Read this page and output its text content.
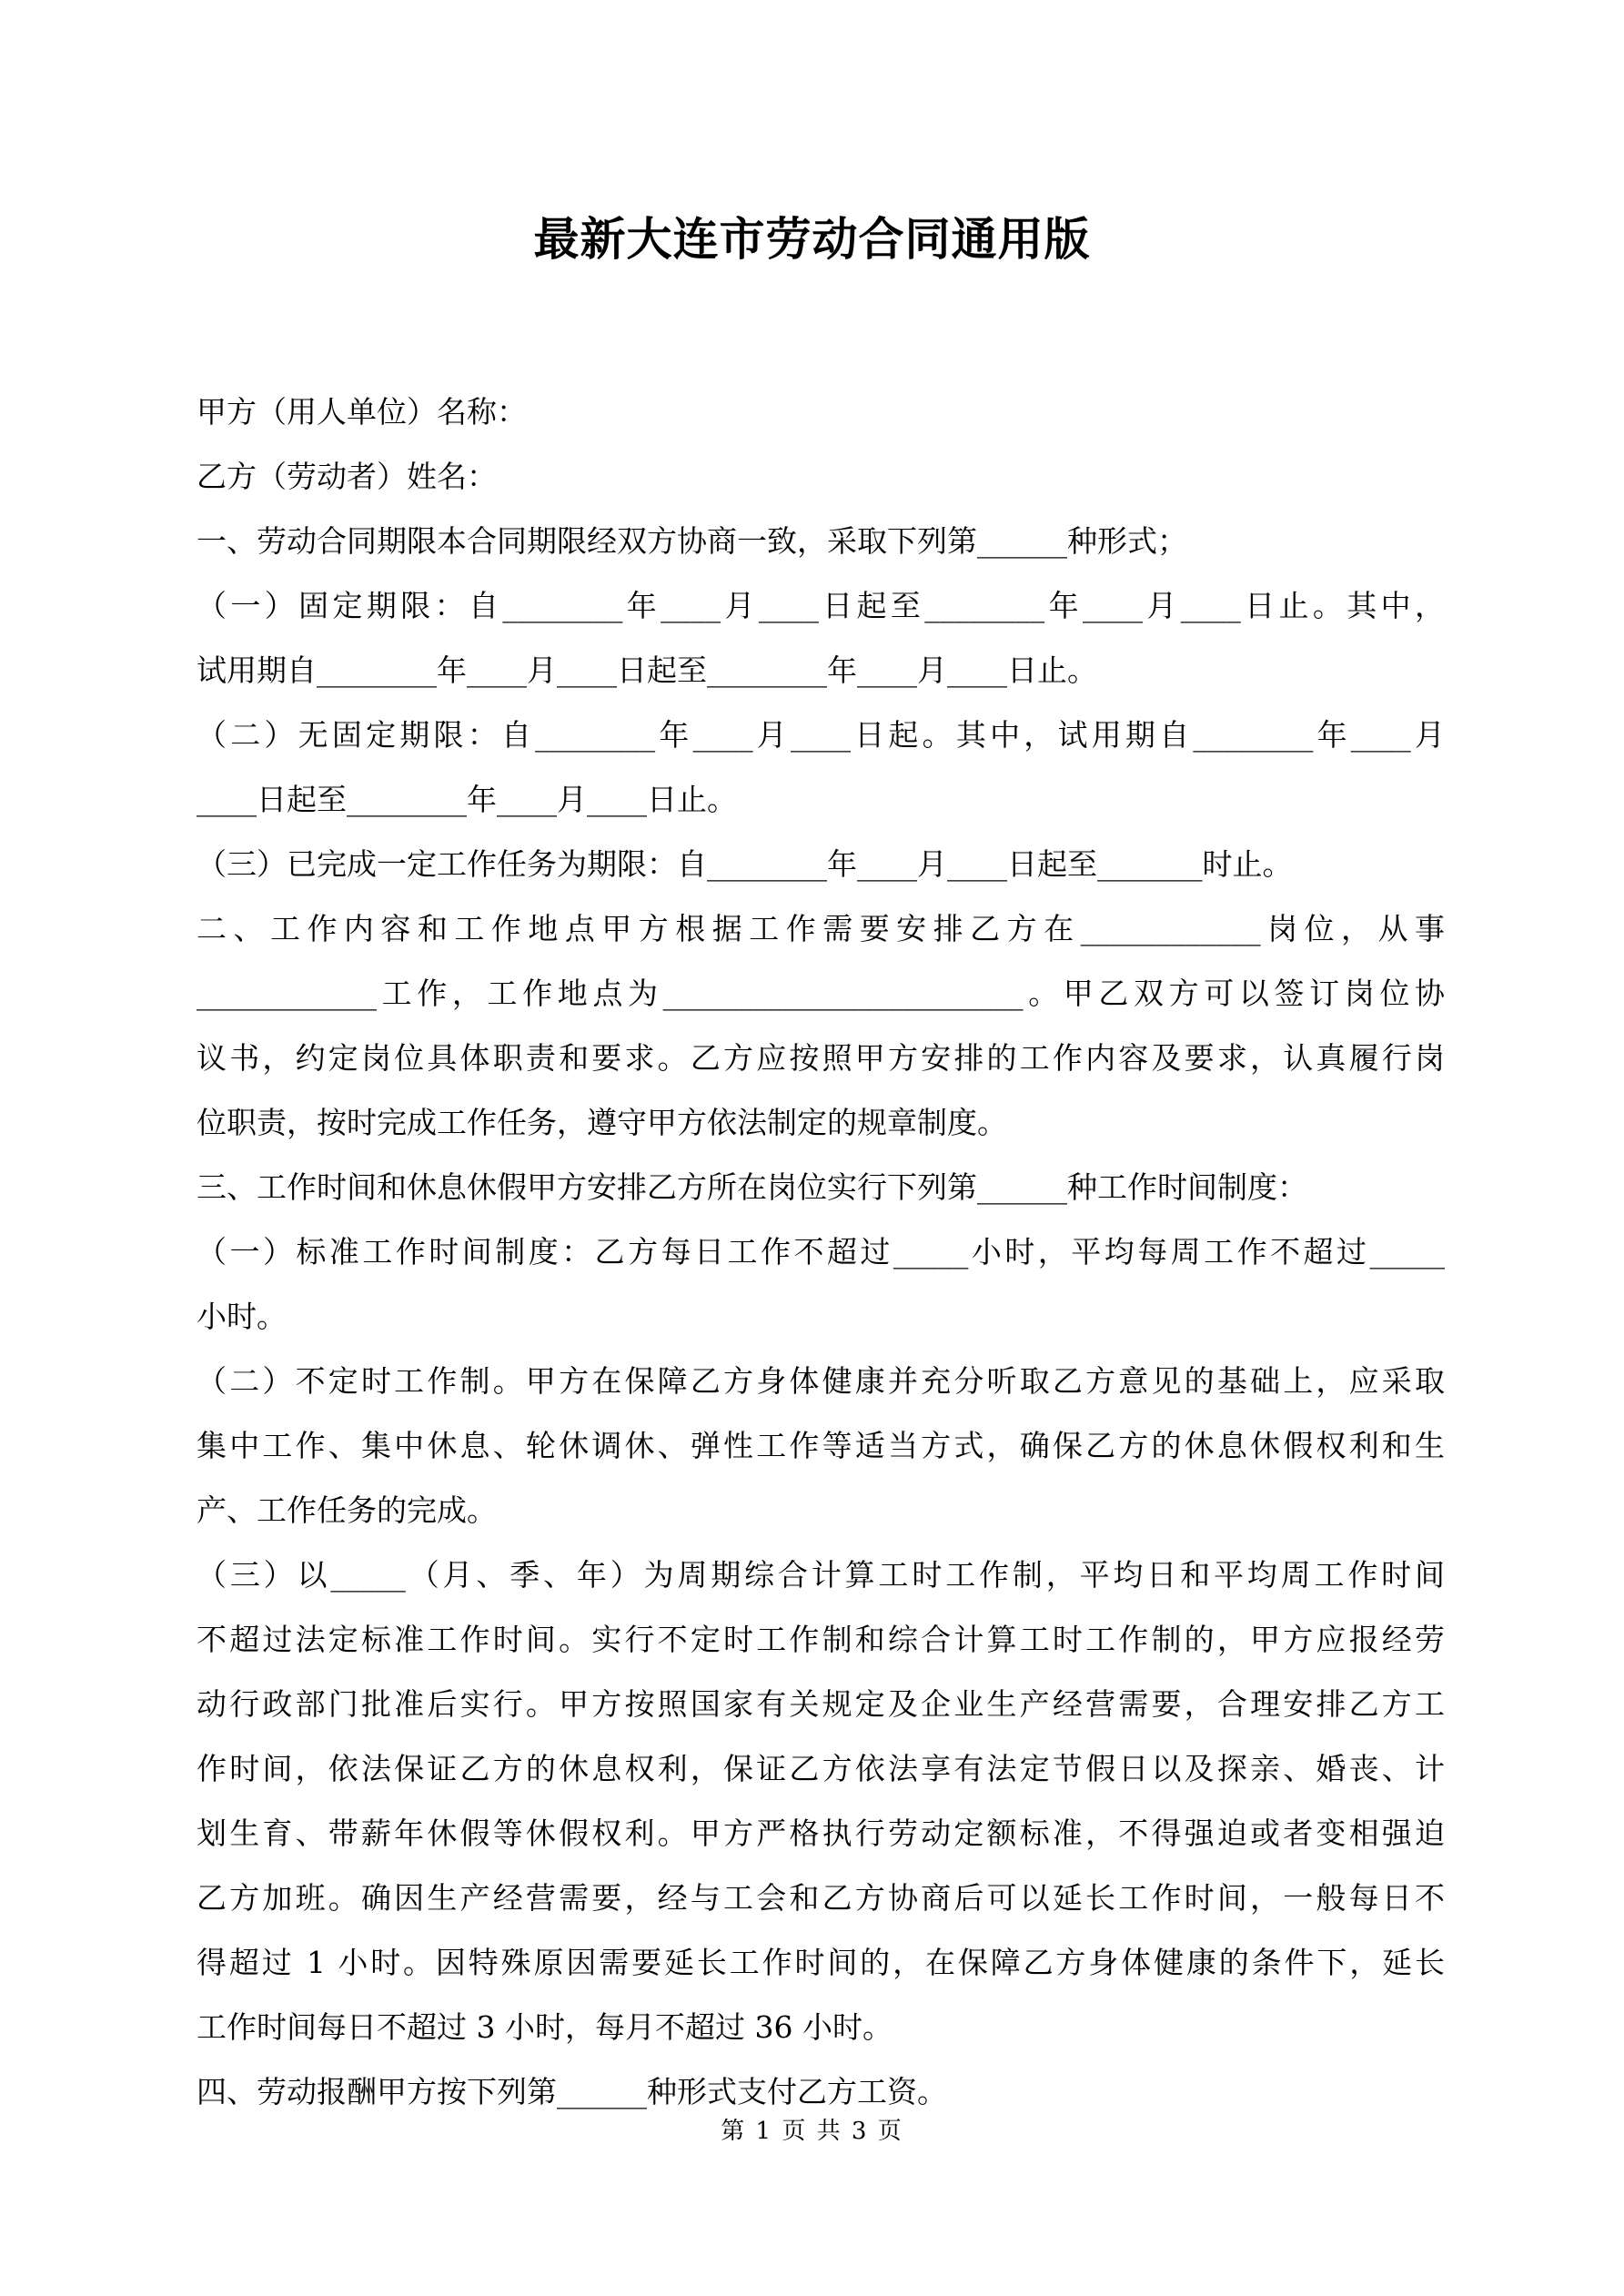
最新大连市劳动合同通用版
甲方（用人单位）名称：
乙方（劳动者）姓名：
一、劳动合同期限本合同期限经双方协商一致，采取下列第______种形式；
（一）固定期限：自________年____月____日起至________年____月____日止。其中，
试用期自________年____月____日起至________年____月____日止。
（二）无固定期限：自________年____月____日起。其中，试用期自________年____月
____日起至________年____月____日止。
（三）已完成一定工作任务为期限：自________年____月____日起至_______时止。
二、工作内容和工作地点甲方根据工作需要安排乙方在____________岗位，从事
____________工作，工作地点为________________________。甲乙双方可以签订岗位协
议书，约定岗位具体职责和要求。乙方应按照甲方安排的工作内容及要求，认真履行岗
位职责，按时完成工作任务，遵守甲方依法制定的规章制度。
三、工作时间和休息休假甲方安排乙方所在岗位实行下列第______种工作时间制度：
（一）标准工作时间制度：乙方每日工作不超过_____小时，平均每周工作不超过_____
小时。
（二）不定时工作制。甲方在保障乙方身体健康并充分听取乙方意见的基础上，应采取
集中工作、集中休息、轮休调休、弹性工作等适当方式，确保乙方的休息休假权利和生
产、工作任务的完成。
（三）以_____（月、季、年）为周期综合计算工时工作制，平均日和平均周工作时间
不超过法定标准工作时间。实行不定时工作制和综合计算工时工作制的，甲方应报经劳
动行政部门批准后实行。甲方按照国家有关规定及企业生产经营需要，合理安排乙方工
作时间，依法保证乙方的休息权利，保证乙方依法享有法定节假日以及探亲、婚丧、计
划生育、带薪年休假等休假权利。甲方严格执行劳动定额标准，不得强迫或者变相强迫
乙方加班。确因生产经营需要，经与工会和乙方协商后可以延长工作时间，一般每日不
得超过 1 小时。因特殊原因需要延长工作时间的，在保障乙方身体健康的条件下，延长
工作时间每日不超过 3 小时，每月不超过 36 小时。
四、劳动报酬甲方按下列第______种形式支付乙方工资。
第 1 页 共 3 页
